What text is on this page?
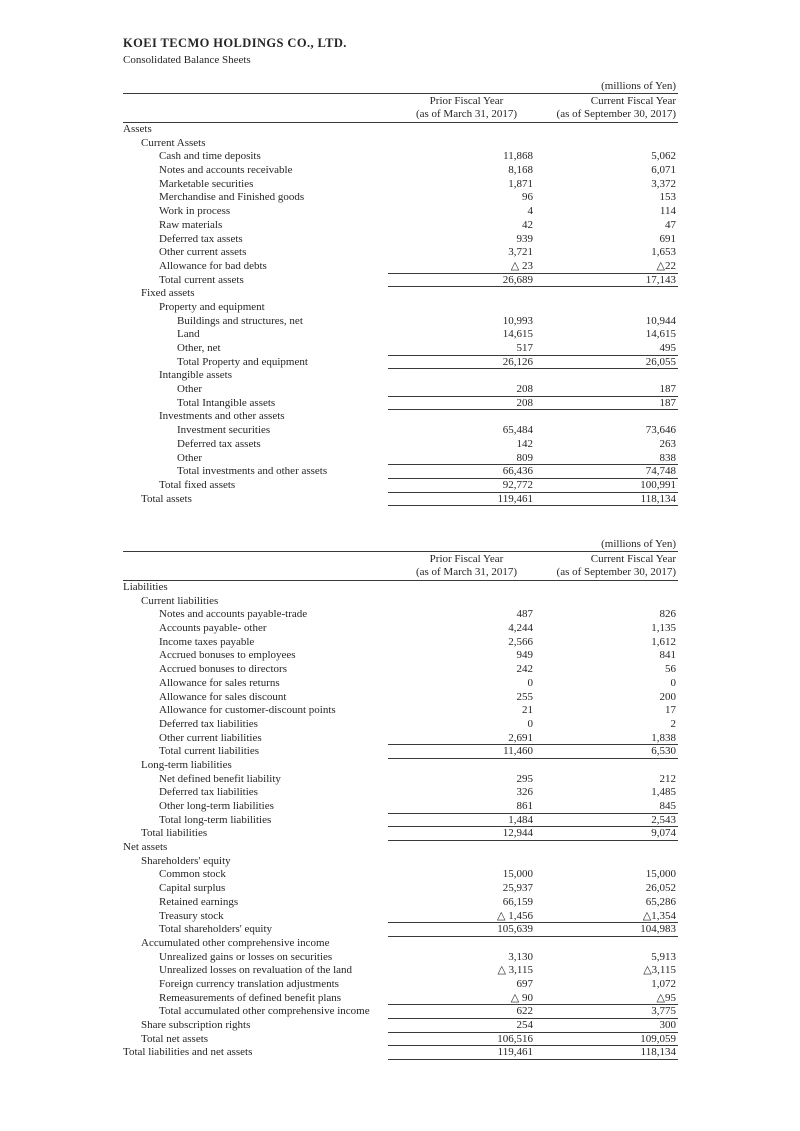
KOEI TECMO HOLDINGS CO., LTD.
Consolidated Balance Sheets
(millions of Yen)
Prior Fiscal Year
(as of March 31, 2017)
Current Fiscal Year
(as of September 30, 2017)
Assets
Current Assets
Cash and time deposits	11,868	5,062
Notes and accounts receivable	8,168	6,071
Marketable securities	1,871	3,372
Merchandise and Finished goods	96	153
Work in process	4	114
Raw materials	42	47
Deferred tax assets	939	691
Other current assets	3,721	1,653
Allowance for bad debts	△ 23	△22
Total current assets	26,689	17,143
Fixed assets
Property and equipment
Buildings and structures, net	10,993	10,944
Land	14,615	14,615
Other, net	517	495
Total Property and equipment	26,126	26,055
Intangible assets
Other	208	187
Total Intangible assets	208	187
Investments and other assets
Investment securities	65,484	73,646
Deferred tax assets	142	263
Other	809	838
Total investments and other assets	66,436	74,748
Total fixed assets	92,772	100,991
Total assets	119,461	118,134
(millions of Yen)
Prior Fiscal Year
(as of March 31, 2017)
Current Fiscal Year
(as of September 30, 2017)
Liabilities
Current liabilities
Notes and accounts payable-trade	487	826
Accounts payable- other	4,244	1,135
Income taxes payable	2,566	1,612
Accrued bonuses to employees	949	841
Accrued bonuses to directors	242	56
Allowance for sales returns	0	0
Allowance for sales discount	255	200
Allowance for customer-discount points	21	17
Deferred tax liabilities	0	2
Other current liabilities	2,691	1,838
Total current liabilities	11,460	6,530
Long-term liabilities
Net defined benefit liability	295	212
Deferred tax liabilities	326	1,485
Other long-term liabilities	861	845
Total long-term liabilities	1,484	2,543
Total liabilities	12,944	9,074
Net assets
Shareholders' equity
Common stock	15,000	15,000
Capital surplus	25,937	26,052
Retained earnings	66,159	65,286
Treasury stock	△ 1,456	△1,354
Total shareholders' equity	105,639	104,983
Accumulated other comprehensive income
Unrealized gains or losses on securities	3,130	5,913
Unrealized losses on revaluation of the land	△ 3,115	△3,115
Foreign currency translation adjustments	697	1,072
Remeasurements of defined benefit plans	△ 90	△95
Total accumulated other comprehensive income	622	3,775
Share subscription rights	254	300
Total net assets	106,516	109,059
Total liabilities and net assets	119,461	118,134
